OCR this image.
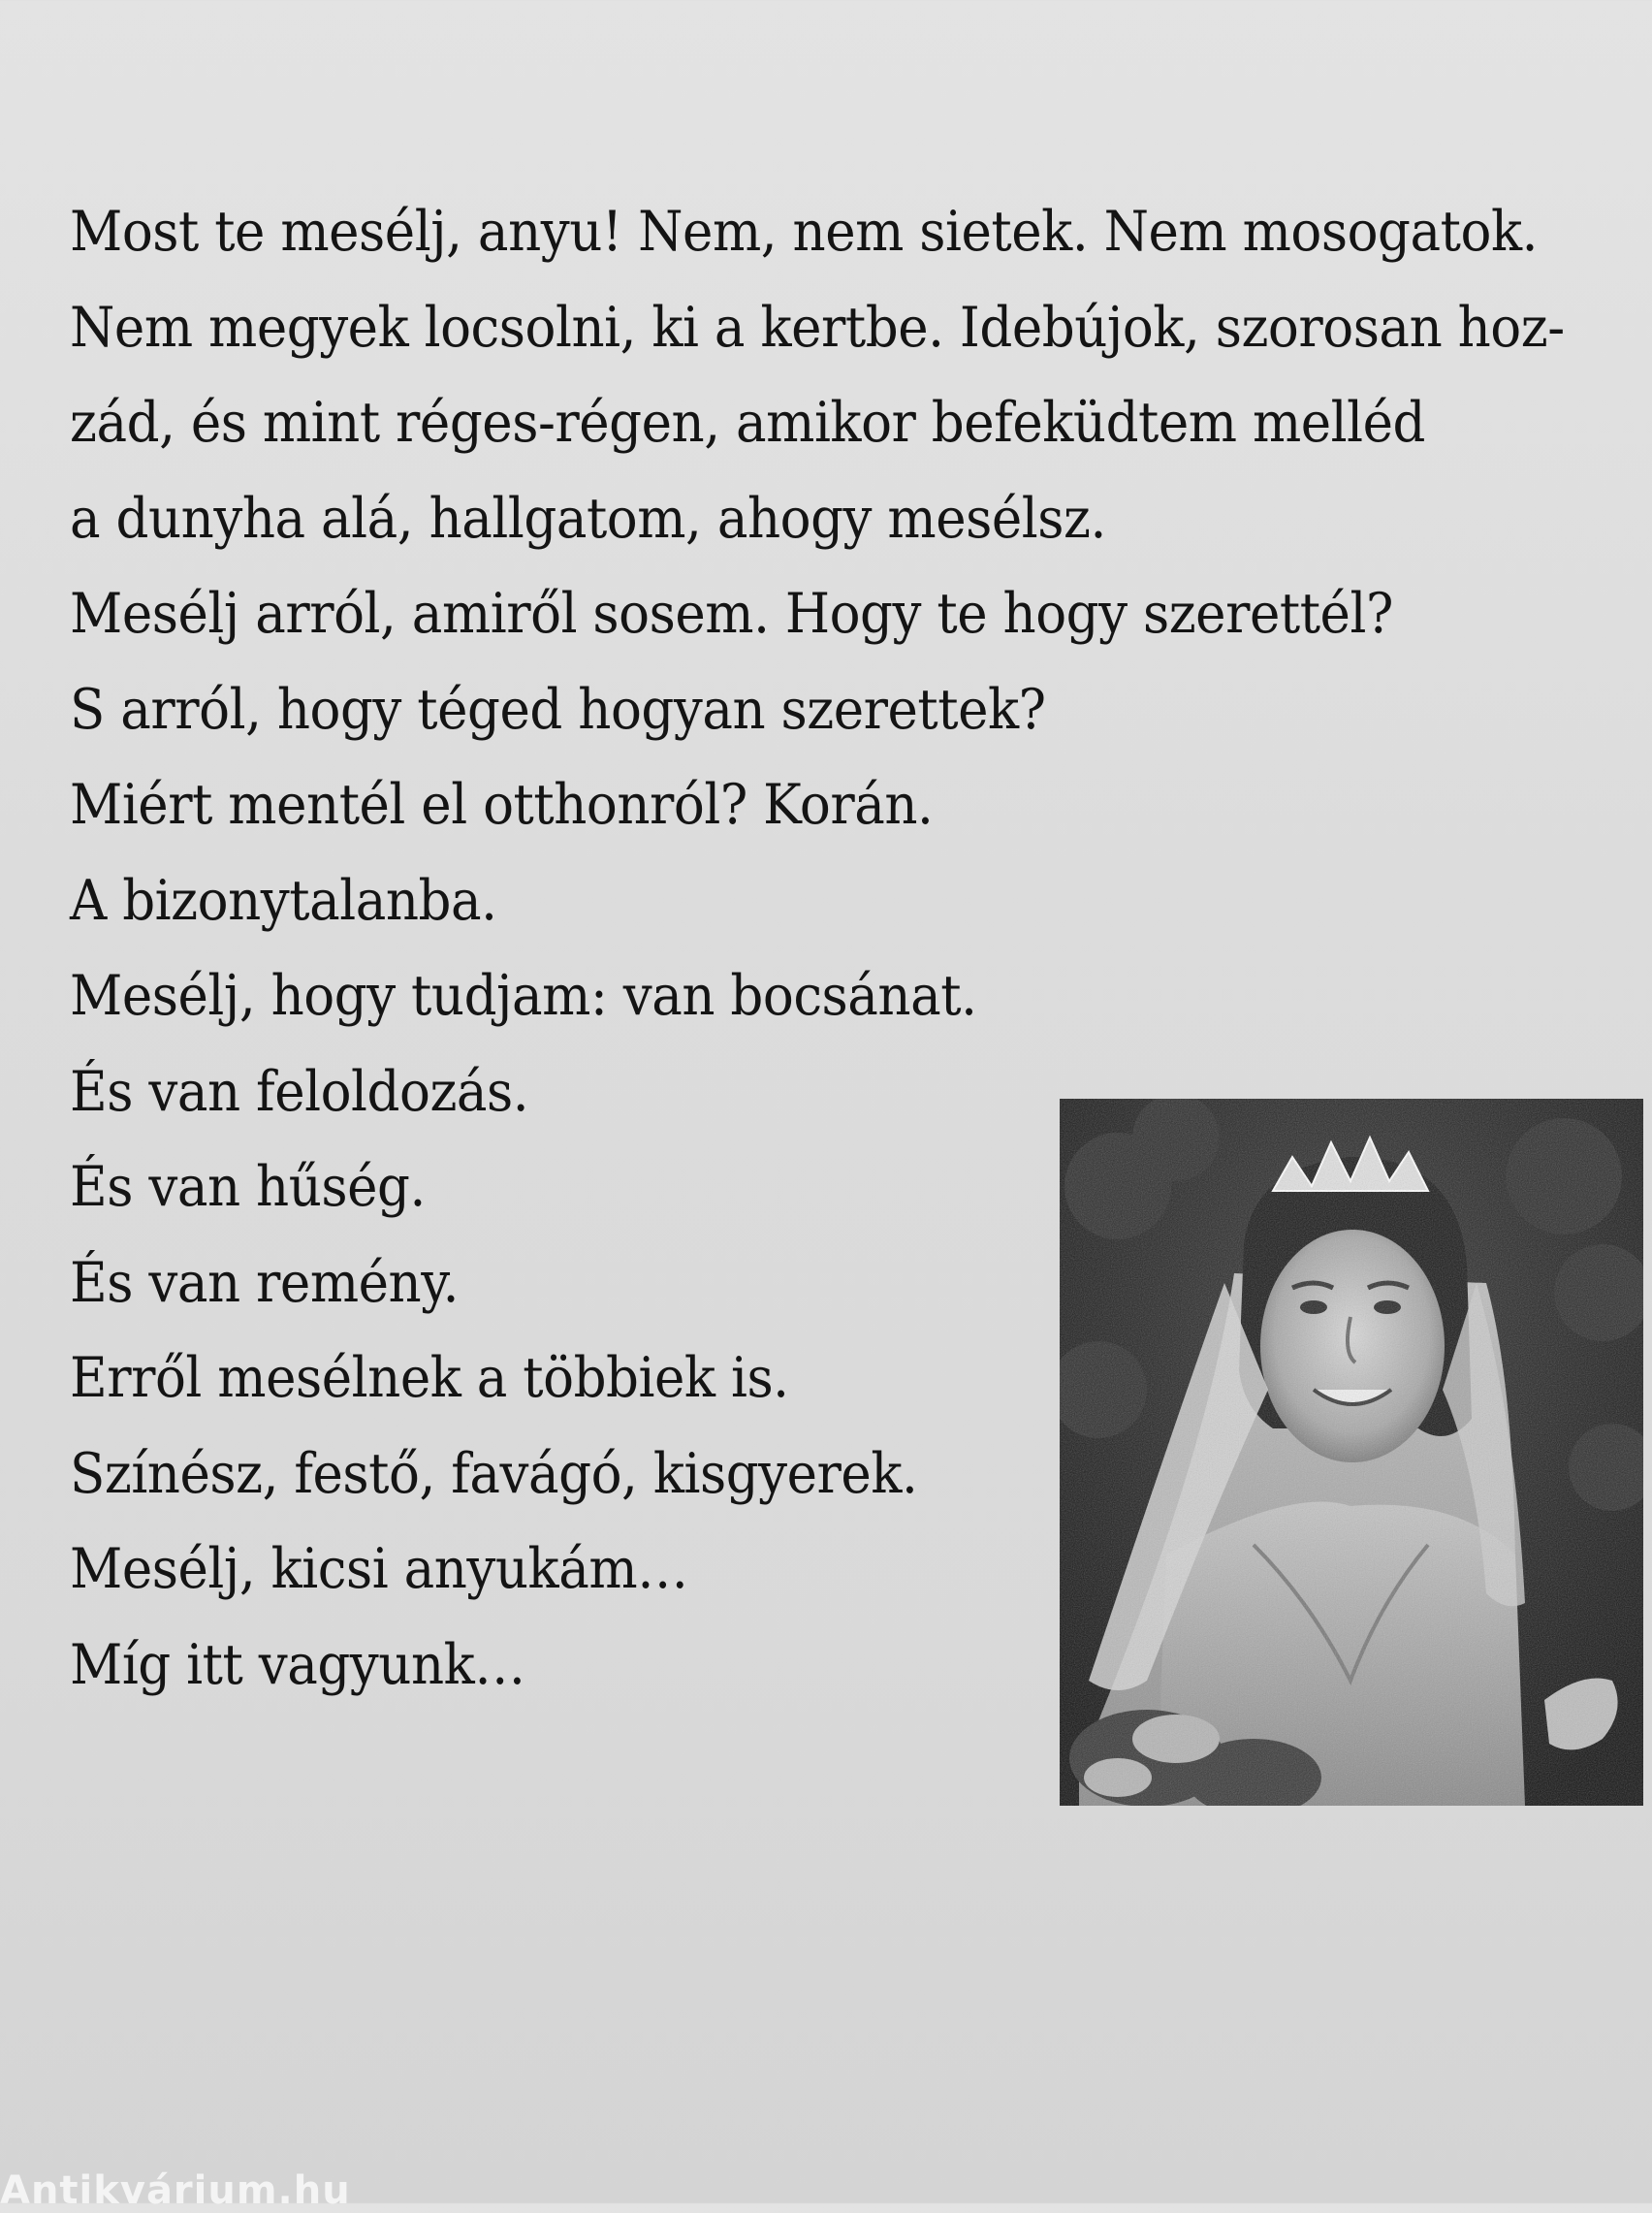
Most te mesélj, anyu! Nem, nem sietek. Nem mosogatok.
Nem megyek locsolni, ki a kertbe. Idebújok, szorosan hoz-
zád, és mint réges-régen, amikor befeküdtem melléd
a dunyha alá, hallgatom, ahogy mesélsz.
Mesélj arról, amiről sosem. Hogy te hogy szerettél?
S arról, hogy téged hogyan szerettek?
Miért mentél el otthonról? Korán.
A bizonytalanba.
Mesélj, hogy tudjam: van bocsánat.
És van feloldozás.
És van hűség.
És van remény.
Erről mesélnek a többiek is.
Színész, festő, favágó, kisgyerek.
Mesélj, kicsi anyukám…
Míg itt vagyunk…
Antikvárium.hu
